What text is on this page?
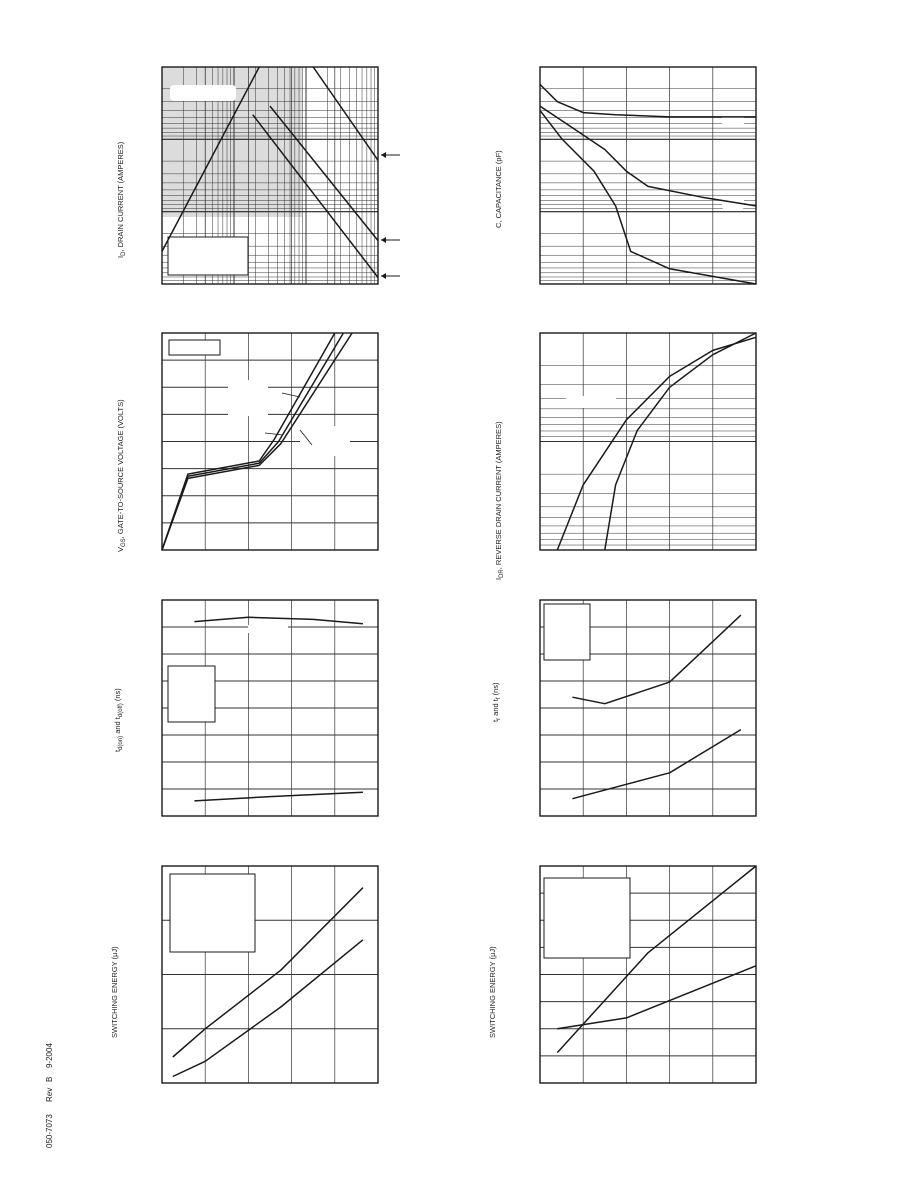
050-7073
Rev
B
9-2004
$I_D$, DRAIN CURRENT (AMPERES)	C, CAPACITANCE (pF)
$V_{GS}$, GATE-TO-SOURCE VOLTAGE (VOLTS)
$I_{DR}$, REVERSE DRAIN CURRENT (AMPERES)
$t_{d(on)}$ and $t_{d(off)}$ (ns)
$t_r$ and $t_f$ (ns)
SWITCHING ENERGY (μJ)	SWITCHING ENERGY (μJ)
